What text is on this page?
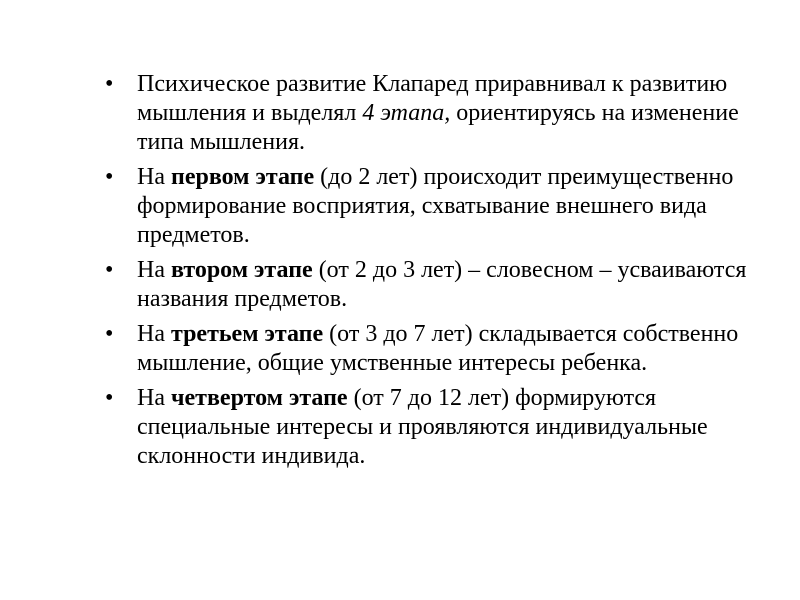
• Психическое развитие Клапаред приравнивал к развитию мышления и выделял 4 этапа, ориентируясь на изменение типа мышления.
• На первом этапе (до 2 лет) происходит преимущественно формирование восприятия, схватывание внешнего вида предметов.
• На втором этапе (от 2 до 3 лет) – словесном – усваиваются названия предметов.
• На третьем этапе (от 3 до 7 лет) складывается собственно мышление, общие умственные интересы ребенка.
• На четвертом этапе (от 7 до 12 лет) формируются специальные интересы и проявляются индивидуальные склонности индивида.
